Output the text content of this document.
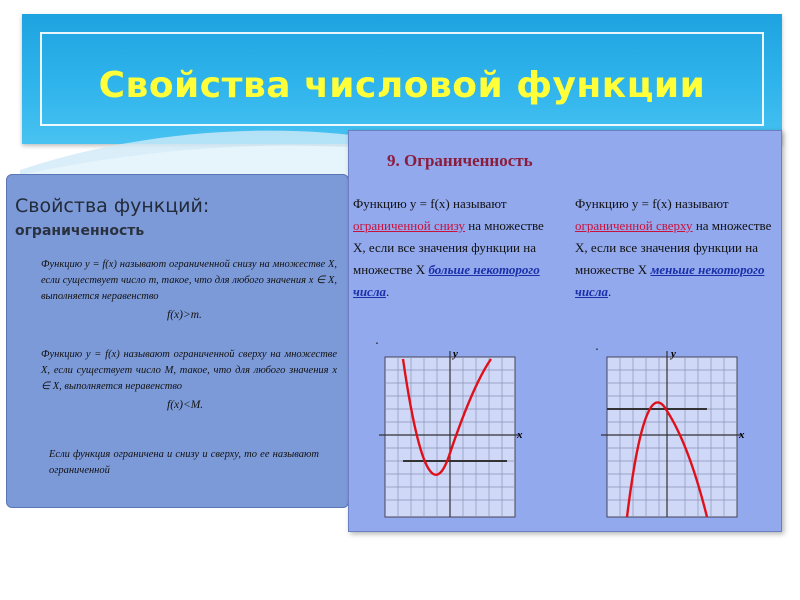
Свойства числовой функции
Свойства функций:
ограниченность
Функцию y = f(x) называют ограниченной снизу на множестве X, если существует число m, такое, что для любого значения x ∈ X, выполняется неравенство
f(x)>m.
Функцию y = f(x) называют ограниченной сверху на множестве X, если существует число M, такое, что для любого значения x ∈ X, выполняется неравенство
f(x)<M.
Если функция ограничена и снизу и сверху, то ее называют ограниченной
9. Ограниченность
Функцию y = f(x) называют ограниченной снизу на множестве X, если все значения функции на множестве X больше некоторого числа.
Функцию y = f(x) называют ограниченной сверху на множестве X, если все значения функции на множестве X меньше некоторого числа.
.	.
y
x
y
x
